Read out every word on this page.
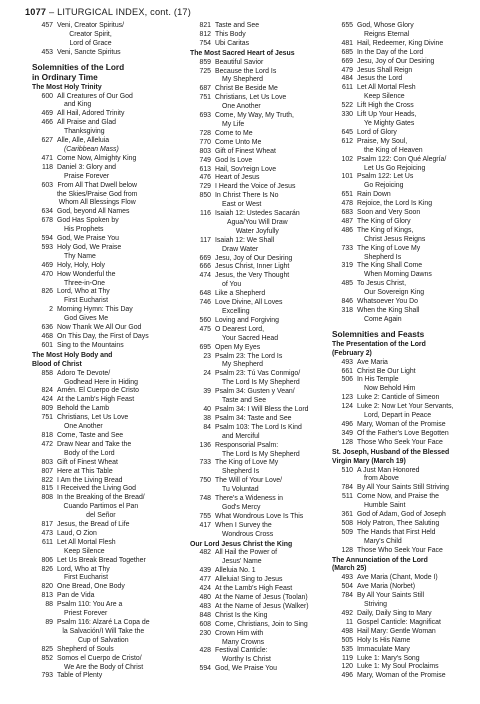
1077 – LITURGICAL INDEX, cont. (17)
457 Veni, Creator Spiritus/
Creator Spirit,
Lord of Grace
453 Veni, Sancte Spiritus
Solemnities of the Lord
in Ordinary Time
The Most Holy Trinity
600 All Creatures of Our God
and King
469 All Hail, Adored Trinity
466 All Praise and Glad
Thanksgiving
627 Alle, Alle, Alleluia
(Caribbean Mass)
471 Come Now, Almighty King
118 Daniel 3: Glory and
Praise Forever
603 From All That Dwell below
the Skies/Praise God from
Whom All Blessings Flow
634 God, beyond All Names
678 God Has Spoken by
His Prophets
594 God, We Praise You
593 Holy God, We Praise
Thy Name
469 Holy, Holy, Holy
470 How Wonderful the
Three-in-One
826 Lord, Who at Thy
First Eucharist
2 Morning Hymn: This Day
God Gives Me
636 Now Thank We All Our God
468 On This Day, the First of Days
601 Sing to the Mountains
The Most Holy Body and
Blood of Christ
858 Adoro Te Devote/
Godhead Here in Hiding
824 Amén. El Cuerpo de Cristo
424 At the Lamb's High Feast
809 Behold the Lamb
751 Christians, Let Us Love
One Another
818 Come, Taste and See
472 Draw Near and Take the
Body of the Lord
803 Gift of Finest Wheat
807 Here at This Table
822 I Am the Living Bread
815 I Received the Living God
808 In the Breaking of the Bread/
Cuando Partimos el Pan
del Señor
817 Jesus, the Bread of Life
473 Laud, O Zion
611 Let All Mortal Flesh
Keep Silence
806 Let Us Break Bread Together
826 Lord, Who at Thy
First Eucharist
820 One Bread, One Body
813 Pan de Vida
88 Psalm 110: You Are a
Priest Forever
89 Psalm 116: Alzaré La Copa de
la Salvación/I Will Take the
Cup of Salvation
825 Shepherd of Souls
852 Somos el Cuerpo de Cristo/
We Are the Body of Christ
793 Table of Plenty
821 Taste and See
812 This Body
754 Ubi Caritas
The Most Sacred Heart of Jesus
859 Beautiful Savior
725 Because the Lord Is
My Shepherd
687 Christ Be Beside Me
751 Christians, Let Us Love
One Another
693 Come, My Way, My Truth,
My Life
728 Come to Me
770 Come Unto Me
803 Gift of Finest Wheat
749 God Is Love
613 Hail, Sov'reign Love
476 Heart of Jesus
729 I Heard the Voice of Jesus
850 In Christ There Is No
East or West
116 Isaiah 12: Ustedes Sacarán
Agua/You Will Draw
Water Joyfully
117 Isaiah 12: We Shall
Draw Water
669 Jesu, Joy of Our Desiring
666 Jesus Christ, Inner Light
474 Jesus, the Very Thought
of You
648 Like a Shepherd
746 Love Divine, All Loves
Excelling
560 Loving and Forgiving
475 O Dearest Lord,
Your Sacred Head
695 Open My Eyes
23 Psalm 23: The Lord Is
My Shepherd
24 Psalm 23: Tú Vas Conmigo/
The Lord Is My Shepherd
39 Psalm 34: Gusten y Vean/
Taste and See
40 Psalm 34: I Will Bless the Lord
38 Psalm 34: Taste and See
84 Psalm 103: The Lord Is Kind
and Merciful
136 Responsorial Psalm:
The Lord Is My Shepherd
733 The King of Love My
Shepherd Is
750 The Will of Your Love/
Tu Voluntad
748 There's a Wideness in
God's Mercy
755 What Wondrous Love Is This
417 When I Survey the
Wondrous Cross
Our Lord Jesus Christ the King
482 All Hail the Power of
Jesus' Name
439 Alleluia No. 1
477 Alleluia! Sing to Jesus
424 At the Lamb's High Feast
480 At the Name of Jesus (Toolan)
483 At the Name of Jesus (Walker)
848 Christ Is the King
608 Come, Christians, Join to Sing
230 Crown Him with
Many Crowns
428 Festival Canticle:
Worthy Is Christ
594 God, We Praise You
655 God, Whose Glory
Reigns Eternal
481 Hail, Redeemer, King Divine
685 In the Day of the Lord
669 Jesu, Joy of Our Desiring
479 Jesus Shall Reign
484 Jesus the Lord
611 Let All Mortal Flesh
Keep Silence
522 Lift High the Cross
330 Lift Up Your Heads,
Ye Mighty Gates
645 Lord of Glory
612 Praise, My Soul,
the King of Heaven
102 Psalm 122: Con Qué Alegría/
Let Us Go Rejoicing
101 Psalm 122: Let Us
Go Rejoicing
651 Rain Down
478 Rejoice, the Lord Is King
683 Soon and Very Soon
487 The King of Glory
486 The King of Kings,
Christ Jesus Reigns
733 The King of Love My
Shepherd Is
319 The King Shall Come
When Morning Dawns
485 To Jesus Christ,
Our Sovereign King
846 Whatsoever You Do
318 When the King Shall
Come Again
Solemnities and Feasts
The Presentation of the Lord
(February 2)
493 Ave Maria
661 Christ Be Our Light
506 In His Temple
Now Behold Him
123 Luke 2: Canticle of Simeon
124 Luke 2: Now Let Your Servants,
Lord, Depart in Peace
496 Mary, Woman of the Promise
349 Of the Father's Love Begotten
128 Those Who Seek Your Face
St. Joseph, Husband of the Blessed
Virgin Mary (March 19)
510 A Just Man Honored
from Above
784 By All Your Saints Still Striving
511 Come Now, and Praise the
Humble Saint
361 God of Adam, God of Joseph
508 Holy Patron, Thee Saluting
509 The Hands that First Held
Mary's Child
128 Those Who Seek Your Face
The Annunciation of the Lord
(March 25)
493 Ave Maria (Chant, Mode I)
504 Ave Maria (Norbet)
784 By All Your Saints Still
Striving
492 Daily, Daily Sing to Mary
11 Gospel Canticle: Magnificat
498 Hail Mary: Gentle Woman
505 Holy Is His Name
535 Immaculate Mary
119 Luke 1: Mary's Song
120 Luke 1: My Soul Proclaims
496 Mary, Woman of the Promise
